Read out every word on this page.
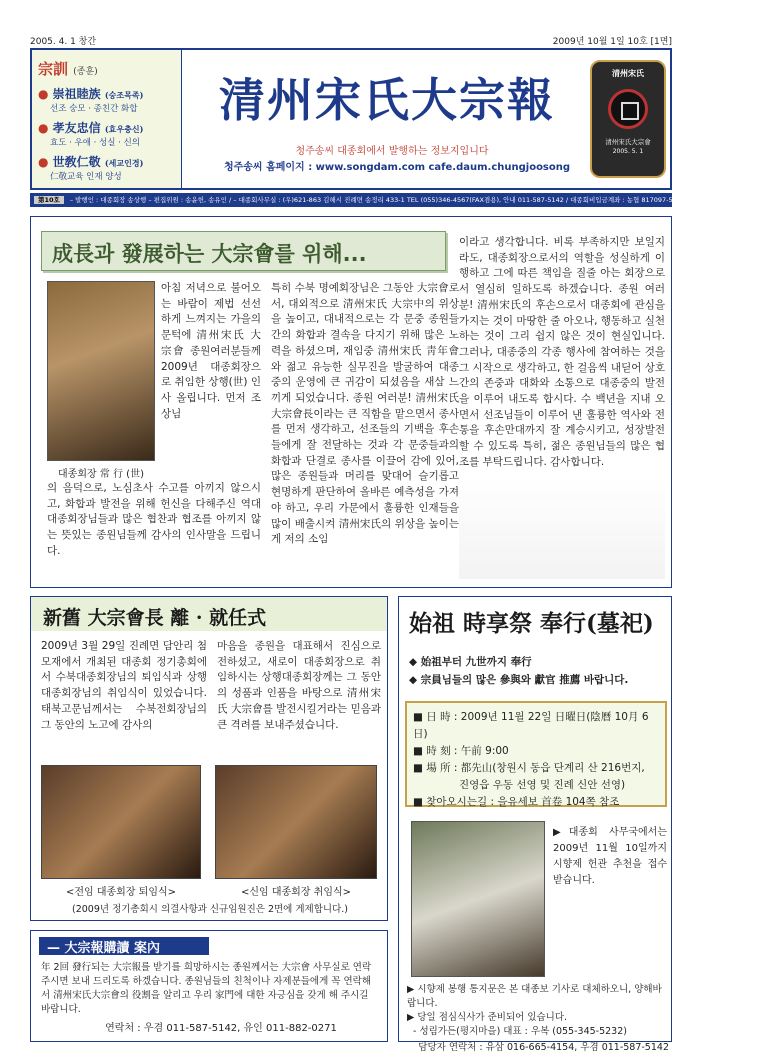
2005. 4. 1 창간	2009년 10월 1일 10호 [1면]
宗訓 (종훈)
● 崇祖睦族 (숭조목족)
선조 숭모 · 종친간 화합
● 孝友忠信 (효우충신)
효도 · 우애 · 성실 · 신의
● 世敎仁敬 (세교인경)
仁敬교육 인재 양성
清州宋氏大宗報
청주송씨 대종회에서 발행하는 정보지입니다
청주송씨 홈페이지 : www.songdam.com cafe.daum.chungjoosong
清州宋氏
清州宋氏大宗會
2005. 5. 1
第10호 – 발행인 : 대종회장 송상행 – 편집위원 : 송윤헌, 송유인 / – 대종회사무실 : (우)621-863 김해시 진례면 송정리 433-1 TEL (055)346-4567(FAX겸용), 안내 011-587-5142 / 대종회비입금계좌 : 농협 817097-51-133271, 예금주 : 청주송씨대종중
成長과 發展하는 大宗會를 위해...
대종회장 常 行 (世)
아침 저녁으로 불어오는 바람이 제법 선선하게 느껴지는 가을의 문턱에 清州宋氏 大宗會 종원여러분들께 2009년 대종회장으로 취임한 상행(世) 인사 올립니다. 먼저 조상님
의 음덕으로, 노심초사 수고를 아끼지 않으시고, 화합과 발전을 위해 헌신을 다해주신 역대 대종회장님들과 많은 협찬과 협조를 아끼지 않는 뜻있는 종원님들께 감사의 인사말을 드립니다.
특히 수북 명예회장님은 그동안 大宗會로서, 대외적으로 清州宋氏 大宗中의 위상을 높이고, 대내적으로는 각 문중 종원들간의 화합과 결속을 다지기 위해 많은 노력을 하셨으며, 재임중 清州宋氏 靑年會와 젊고 유능한 실무진을 발굴하여 대종중의 운영에 큰 귀감이 되셨음을 새삼 느끼게 되었습니다. 종원 여러분! 清州宋氏 大宗會長이라는 큰 직함을 맡으면서 종사를 먼저 생각하고, 선조들의 기백을 후손들에게 잘 전달하는 것과 각 문중들과의 화합과 단결로 종사를 이끌어 감에 있어, 많은 종원들과 머리를 맞대어 슬기롭고 현명하게 판단하여 올바른 예측성을 가져야 하고, 우리 가문에서 훌륭한 인재들을 많이 배출시켜 清州宋氏의 위상을 높이는게 저의 소임
이라고 생각합니다. 비록 부족하지만 보일지라도, 대종회장으로서의 역할을 성실하게 이행하고 그에 따른 책임을 질줄 아는 회장으로서 열심히 일하도록 하겠습니다. 종원 여러분! 清州宋氏의 후손으로서 대종회에 관심을 가지는 것이 마땅한 줄 아오나, 행동하고 실천하는 것이 그리 쉽지 않은 것이 현실입니다. 그러나, 대종중의 각종 행사에 참여하는 것을 그 시작으로 생각하고, 한 걸음씩 내딛어 상호간의 존중과 대화와 소통으로 대종중의 발전을 이루어 내도록 합시다. 수 백년을 지내 오면서 선조님들이 이루어 낸 훌륭한 역사와 전통을 후손만대까지 잘 계승시키고, 성장발전할 수 있도록 특히, 젊은 종원님들의 많은 협조를 부탁드립니다. 감사합니다.
新舊 大宗會長 離 · 就任式
2009년 3월 29일 진례면 담안리 첨모재에서 개최된 대종회 정기총회에서 수북대종회장님의 퇴임식과 상행대종회장님의 취임식이 있었습니다. 태북고문님께서는 수북전회장님의 그 동안의 노고에 감사의
마음을 종원을 대표해서 진심으로 전하셨고, 새로이 대종회장으로 취임하시는 상행대종회장께는 그 동안의 성품과 인품을 바탕으로 清州宋氏 大宗會를 발전시킬거라는 믿음과 큰 격려를 보내주셨습니다.
<전임 대종회장 퇴임식>	<신임 대종회장 취임식>
(2009년 정기총회시 의결사항과 신규임원진은 2면에 게제합니다.)
— 大宗報購讀 案內
年 2回 發行되는 大宗報를 받기를 희망하시는 종원께서는 大宗會 사무실로 연락 주시면 보내 드리도록 하겠습니다. 종원님들의 친척이나 자제분들에게 꼭 연락해서 清州宋氏大宗會의 役割을 알리고 우리 家門에 대한 자긍심을 갖게 해 주시길 바랍니다.
연락처 : 우겸 011-587-5142, 유인 011-882-0271
始祖 時享祭 奉行(墓祀)
◆ 始祖부터 九世까지 奉行
◆ 宗員님들의 많은 參與와 獻官 推薦 바랍니다.
■ 日 時 : 2009년 11월 22일 日曜日(陰曆 10月 6日)
■ 時 刻 : 午前 9:00
■ 場 所 : 都先山(창원시 동읍 단계리 산 216번지,
진영읍 우동 선영 및 진례 신안 선영)
■ 찾아오시는길 : 을유세보 首卷 104쪽 참조
▶대종회 사무국에서는 2009년 11월 10일까지 시향제 헌관 추천을 접수 받습니다.
▶ 시향제 봉행 통지문은 본 대종보 기사로 대체하오니, 양해바랍니다.
▶ 당일 점심식사가 준비되어 있습니다.
- 성림가든(평지마을) 대표 : 우복 (055-345-5232)
담당자 연락처 : 유삼 016-665-4154, 우겸 011-587-5142
